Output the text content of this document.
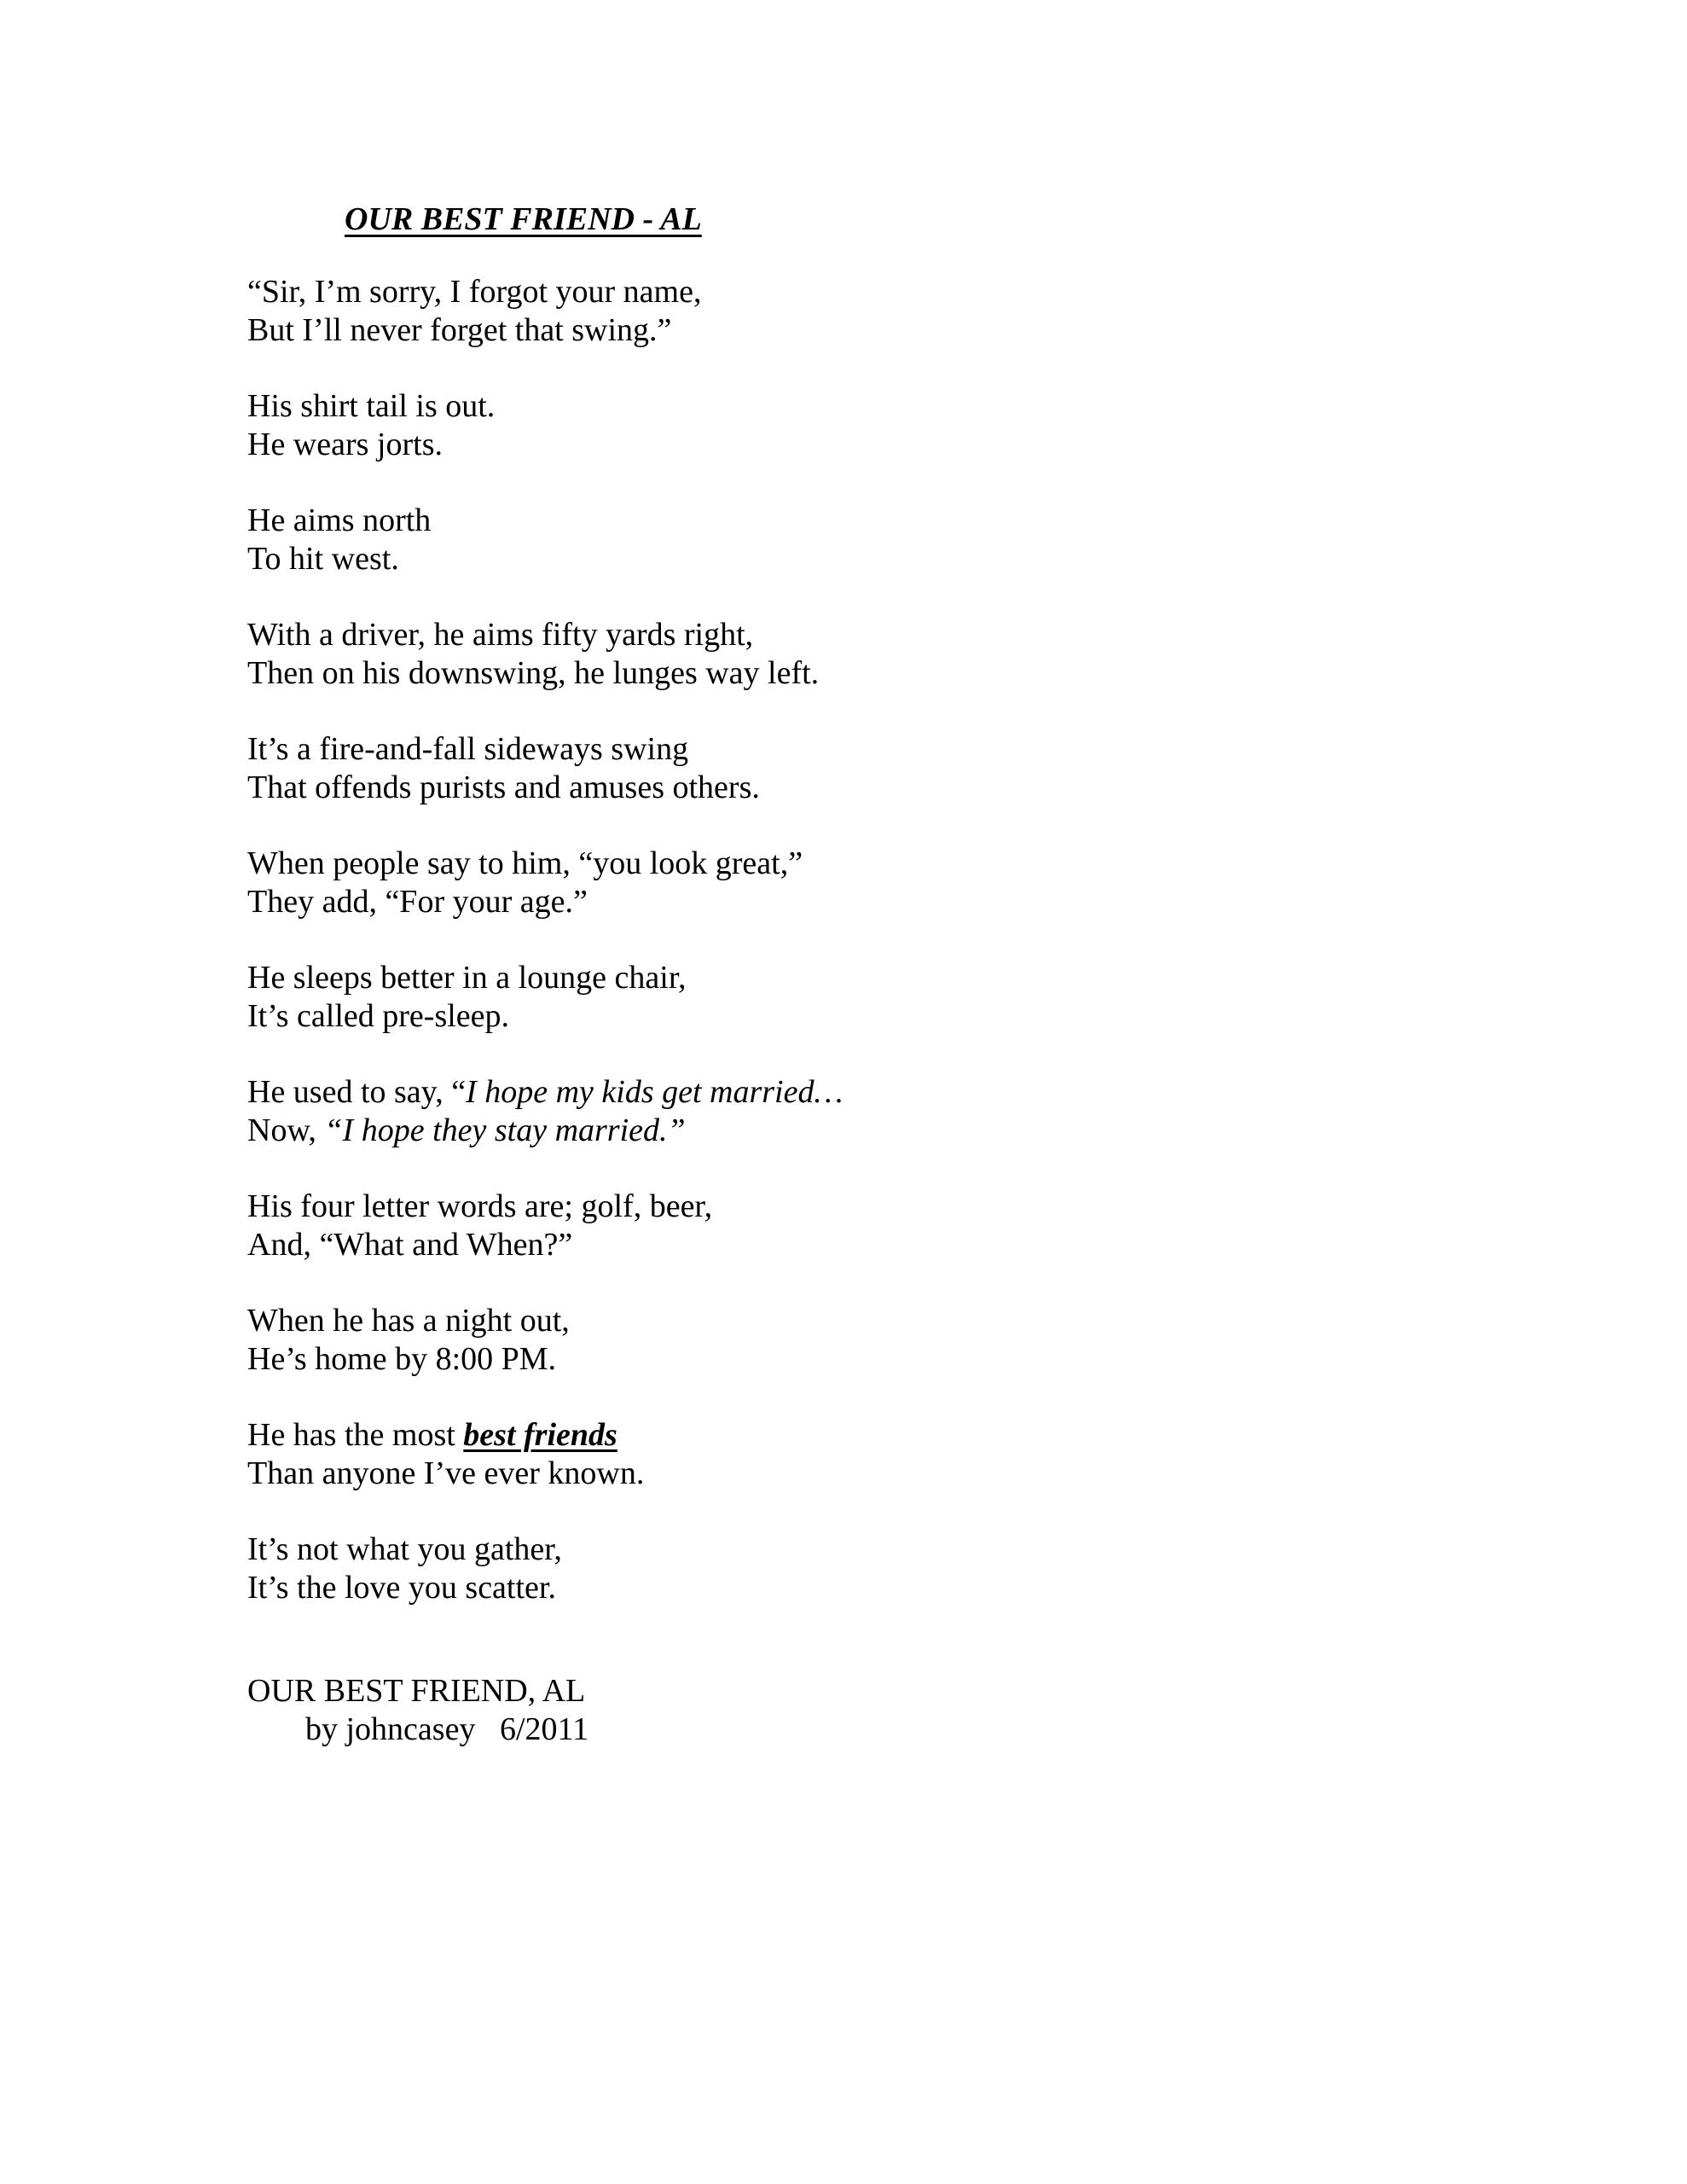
OUR BEST FRIEND - AL
“Sir, I’m sorry, I forgot your name,
But I’ll never forget that swing.”
His shirt tail is out.
He wears jorts.
He aims north
To hit west.
With a driver, he aims fifty yards right,
Then on his downswing, he lunges way left.
It’s a fire-and-fall sideways swing
That offends purists and amuses others.
When people say to him, “you look great,”
They add, “For your age.”
He sleeps better in a lounge chair,
It’s called pre-sleep.
He used to say, “I hope my kids get married…
Now, “I hope they stay married.”
His four letter words are; golf, beer,
And, “What and When?”
When he has a night out,
He’s home by 8:00 PM.
He has the most best friends
Than anyone I’ve ever known.
It’s not what you gather,
It’s the love you scatter.
OUR BEST FRIEND, AL
by johncasey   6/2011
